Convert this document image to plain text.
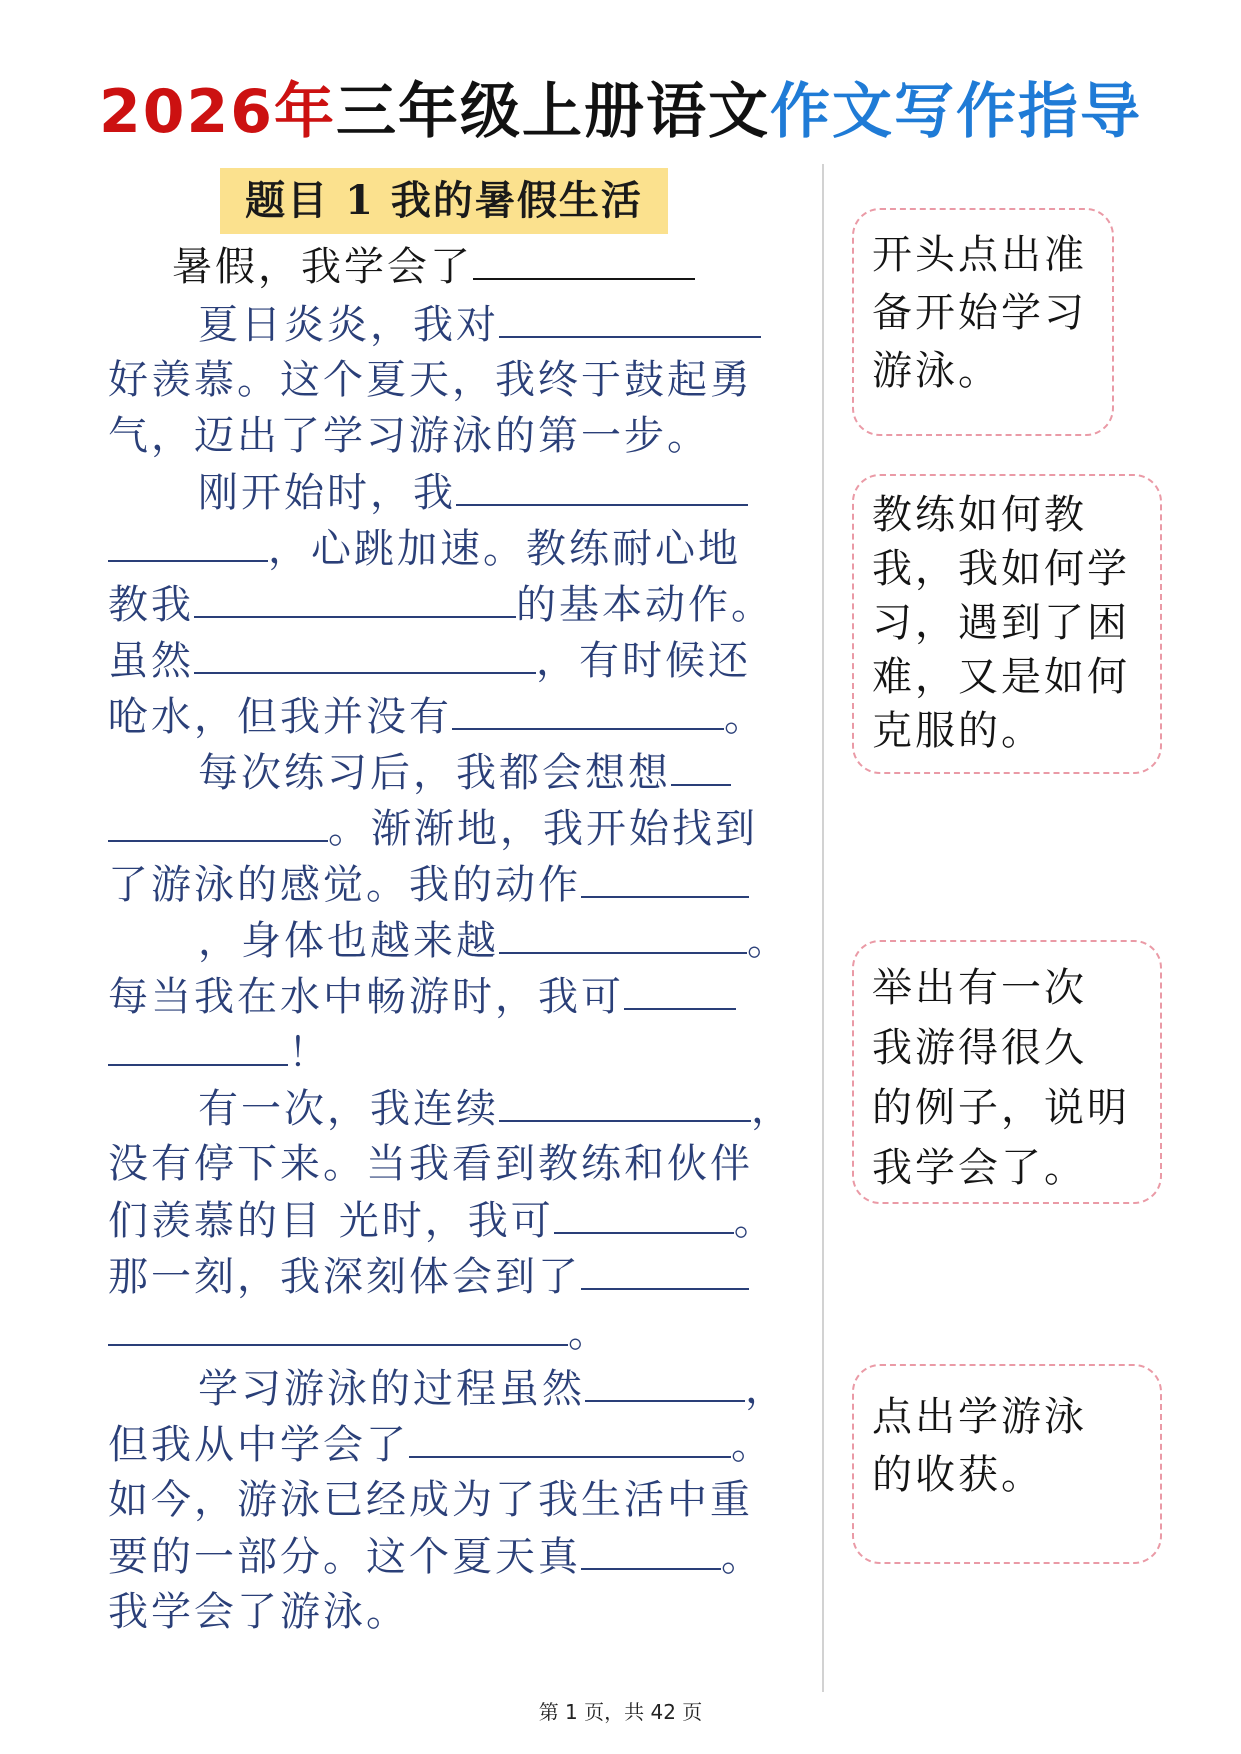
2026年三年级上册语文作文写作指导
题目 1 我的暑假生活
暑假，我学会了
夏日炎炎，我对
好羡慕。这个夏天，我终于鼓起勇
气，迈出了学习游泳的第一步。
刚开始时，我
，心跳加速。教练耐心地
教我	的基本动作。
虽然	，有时候还
呛水，但我并没有	。
每次练习后，我都会想想
。渐渐地，我开始找到
了游泳的感觉。我的动作
，身体也越来越	。
每当我在水中畅游时，我可
！
有一次，我连续	，
没有停下来。当我看到教练和伙伴
们羡慕的目 光时，我可	。
那一刻，我深刻体会到了
。
学习游泳的过程虽然	，
但我从中学会了	。
如今，游泳已经成为了我生活中重
要的一部分。这个夏天真	。
我学会了游泳。
开头点出准
备开始学习
游泳。
教练如何教
我，我如何学
习，遇到了困
难，又是如何
克服的。
举出有一次
我游得很久
的例子，说明
我学会了。
点出学游泳
的收获。
第 1 页，共 42 页
